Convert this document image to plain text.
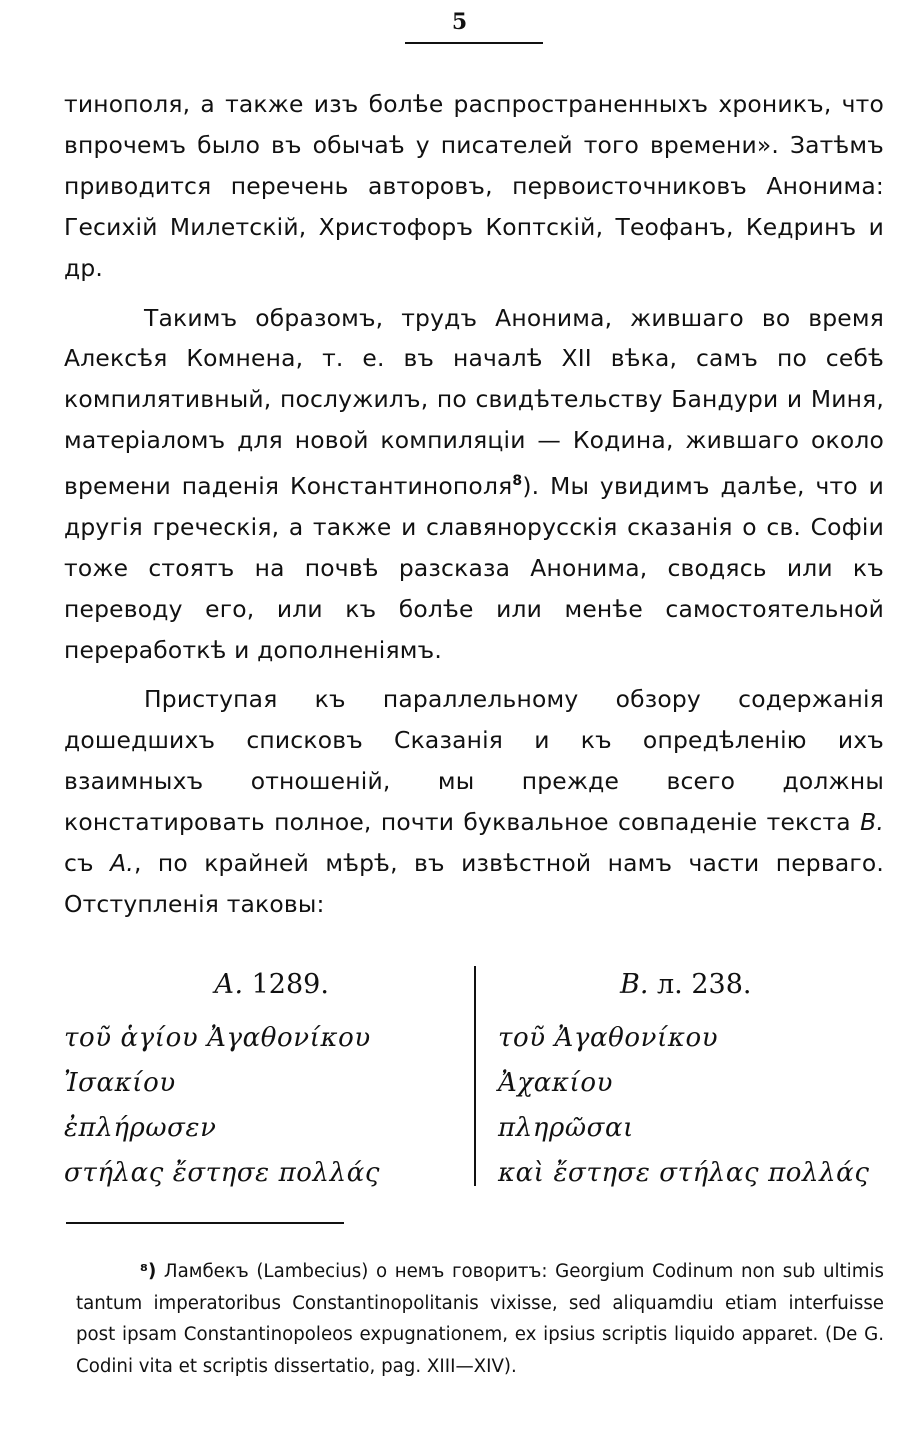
5

тинополя, а также изъ болѣе распространенныхъ хроникъ, что впрочемъ было въ обычаѣ у писателей того времени». Затѣмъ приводится перечень авторовъ, первоисточниковъ Анонима: Гесихій Милетскій, Христофоръ Коптскій, Теофанъ, Кедринъ и др.

Такимъ образомъ, трудъ Анонима, жившаго во время Алексѣя Комнена, т. е. въ началѣ XII вѣка, самъ по себѣ компилятивный, послужилъ, по свидѣтельству Бандури и Миня, матеріаломъ для новой компиляціи — Кодина, жившаго около времени паденія Константинополя$^8$). Мы увидимъ далѣе, что и другія греческія, а также и славянорусскія сказанія о св. Софіи тоже стоятъ на почвѣ разсказа Анонима, сводясь или къ переводу его, или къ болѣе или менѣе самостоятельной переработкѣ и дополненіямъ.

Приступая къ параллельному обзору содержанія дошедшихъ списковъ Сказанія и къ опредѣленію ихъ взаимныхъ отношеній, мы прежде всего должны констатировать полное, почти буквальное совпаденіе текста В. съ А., по крайней мѣрѣ, въ извѣстной намъ части перваго. Отступленія таковы:

А. 1289.
τοῦ ἁγίου Ἀγαθονίκου
Ἰσακίου
ἐπλήρωσεν
στήλας ἔστησε πολλάς
В. л. 238.
τοῦ Ἀγαθονίκου
Ἀχακίου
πληρῶσαι
καὶ ἔστησε στήλας πολλάς
⁸) Ламбекъ (Lambecius) о немъ говоритъ: Georgium Codinum non sub ultimis tantum imperatoribus Constantinopolitanis vixisse, sed aliquamdiu etiam interfuisse post ipsam Constantinopoleos expugnationem, ex ipsius scriptis liquido apparet. (De G. Codini vita et scriptis dissertatio, pag. XIII—XIV).
